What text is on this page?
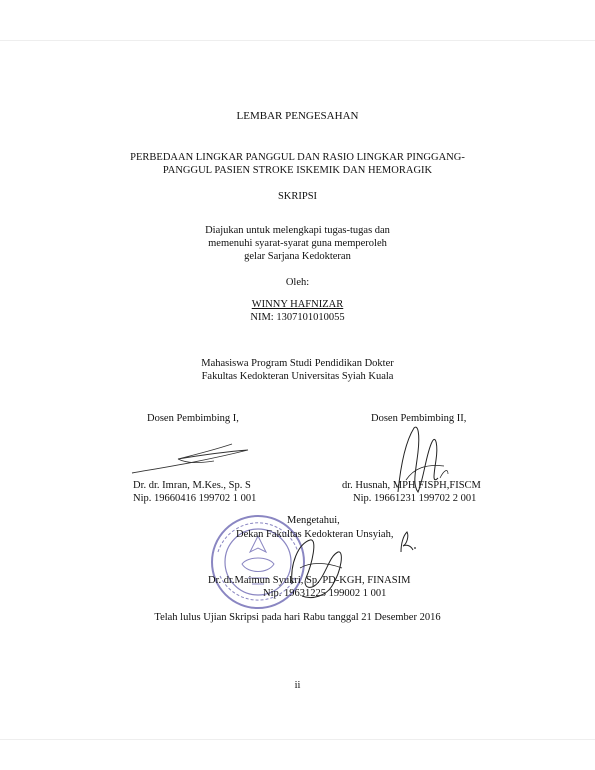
LEMBAR PENGESAHAN
PERBEDAAN LINGKAR PANGGUL DAN RASIO LINGKAR PINGGANG-
PANGGUL PASIEN STROKE ISKEMIK DAN HEMORAGIK
SKRIPSI
Diajukan untuk melengkapi tugas-tugas dan
memenuhi syarat-syarat guna memperoleh
gelar Sarjana Kedokteran
Oleh:
WINNY HAFNIZAR
NIM: 1307101010055
Mahasiswa Program Studi Pendidikan Dokter
Fakultas Kedokteran Universitas Syiah Kuala
Dosen Pembimbing I,
Dr. dr. Imran, M.Kes., Sp. S
Nip. 19660416 199702 1 001
Dosen Pembimbing II,
dr. Husnah, MPH FISPH,FISCM
Nip. 19661231 199702 2 001
Mengetahui,
Dekan Fakultas Kedokteran Unsyiah,
Dr. dr.Maimun Syukri, Sp. PD-KGH, FINASIM
Nip. 19631225 199002 1 001
Telah lulus Ujian Skripsi pada hari Rabu tanggal 21 Desember 2016
ii
